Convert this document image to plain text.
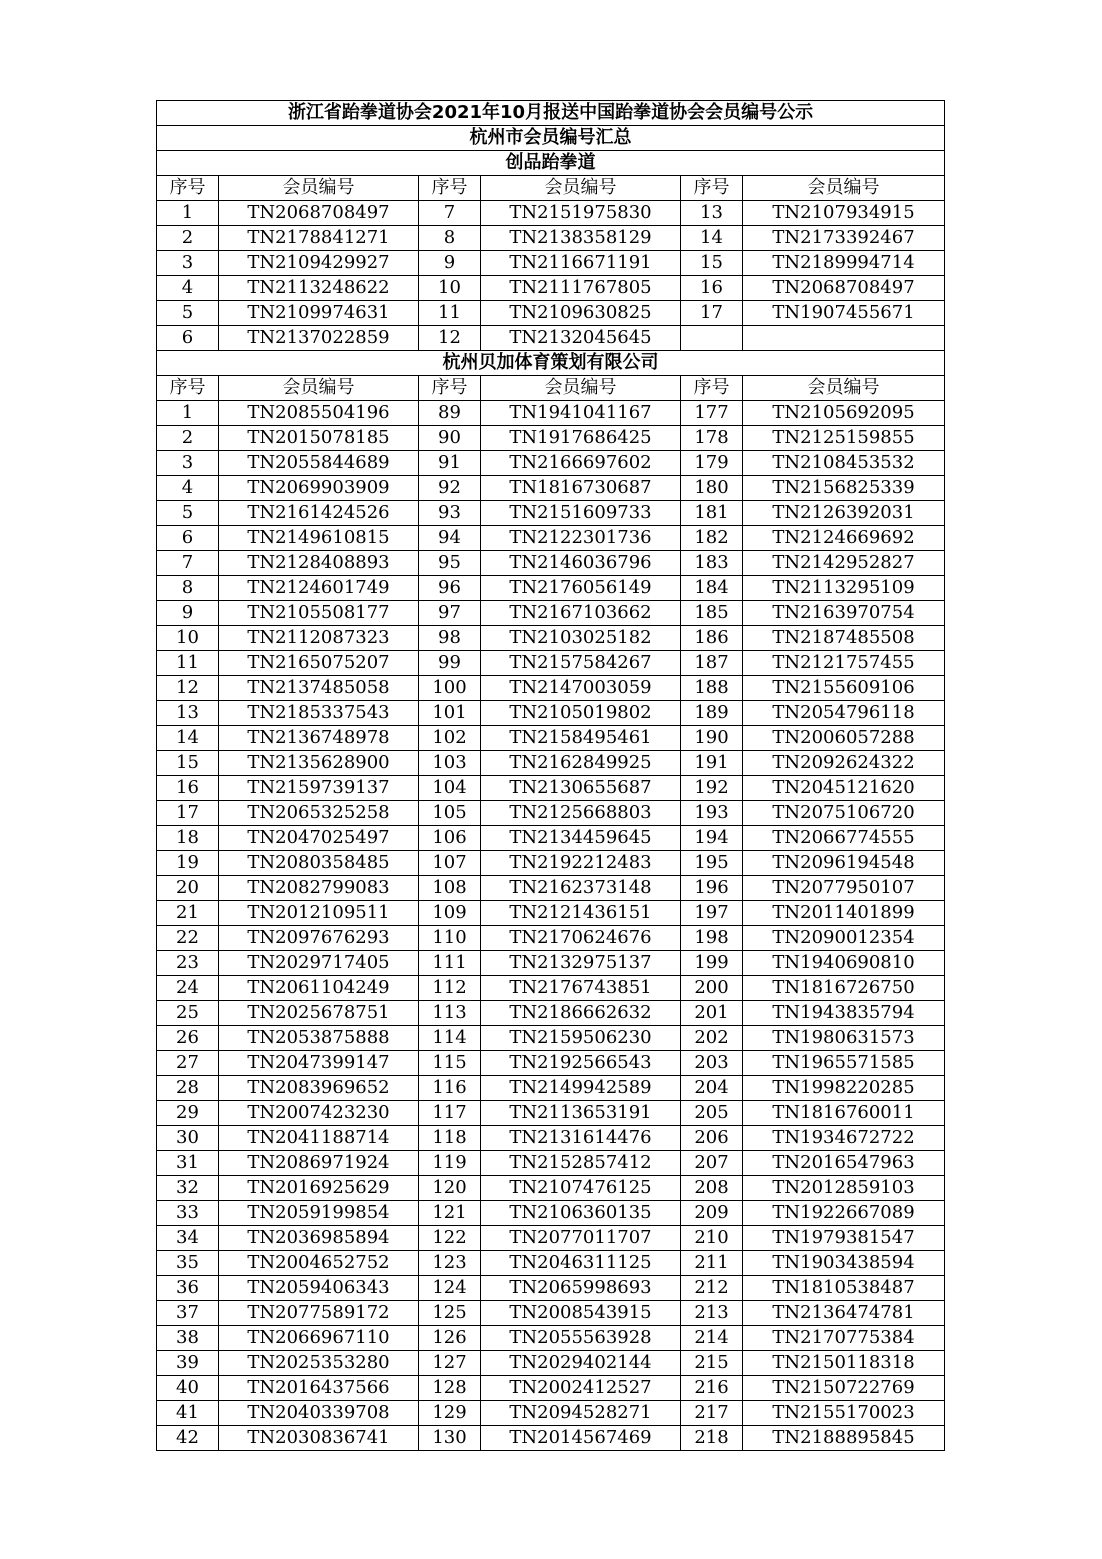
浙江省跆拳道协会2021年10月报送中国跆拳道协会会员编号公示					
杭州市会员编号汇总					
创品跆拳道					
序号	会员编号	序号	会员编号	序号	会员编号
1	TN2068708497	7	TN2151975830	13	TN2107934915
2	TN2178841271	8	TN2138358129	14	TN2173392467
3	TN2109429927	9	TN2116671191	15	TN2189994714
4	TN2113248622	10	TN2111767805	16	TN2068708497
5	TN2109974631	11	TN2109630825	17	TN1907455671
6	TN2137022859	12	TN2132045645		
杭州贝加体育策划有限公司					
序号	会员编号	序号	会员编号	序号	会员编号
1	TN2085504196	89	TN1941041167	177	TN2105692095
2	TN2015078185	90	TN1917686425	178	TN2125159855
3	TN2055844689	91	TN2166697602	179	TN2108453532
4	TN2069903909	92	TN1816730687	180	TN2156825339
5	TN2161424526	93	TN2151609733	181	TN2126392031
6	TN2149610815	94	TN2122301736	182	TN2124669692
7	TN2128408893	95	TN2146036796	183	TN2142952827
8	TN2124601749	96	TN2176056149	184	TN2113295109
9	TN2105508177	97	TN2167103662	185	TN2163970754
10	TN2112087323	98	TN2103025182	186	TN2187485508
11	TN2165075207	99	TN2157584267	187	TN2121757455
12	TN2137485058	100	TN2147003059	188	TN2155609106
13	TN2185337543	101	TN2105019802	189	TN2054796118
14	TN2136748978	102	TN2158495461	190	TN2006057288
15	TN2135628900	103	TN2162849925	191	TN2092624322
16	TN2159739137	104	TN2130655687	192	TN2045121620
17	TN2065325258	105	TN2125668803	193	TN2075106720
18	TN2047025497	106	TN2134459645	194	TN2066774555
19	TN2080358485	107	TN2192212483	195	TN2096194548
20	TN2082799083	108	TN2162373148	196	TN2077950107
21	TN2012109511	109	TN2121436151	197	TN2011401899
22	TN2097676293	110	TN2170624676	198	TN2090012354
23	TN2029717405	111	TN2132975137	199	TN1940690810
24	TN2061104249	112	TN2176743851	200	TN1816726750
25	TN2025678751	113	TN2186662632	201	TN1943835794
26	TN2053875888	114	TN2159506230	202	TN1980631573
27	TN2047399147	115	TN2192566543	203	TN1965571585
28	TN2083969652	116	TN2149942589	204	TN1998220285
29	TN2007423230	117	TN2113653191	205	TN1816760011
30	TN2041188714	118	TN2131614476	206	TN1934672722
31	TN2086971924	119	TN2152857412	207	TN2016547963
32	TN2016925629	120	TN2107476125	208	TN2012859103
33	TN2059199854	121	TN2106360135	209	TN1922667089
34	TN2036985894	122	TN2077011707	210	TN1979381547
35	TN2004652752	123	TN2046311125	211	TN1903438594
36	TN2059406343	124	TN2065998693	212	TN1810538487
37	TN2077589172	125	TN2008543915	213	TN2136474781
38	TN2066967110	126	TN2055563928	214	TN2170775384
39	TN2025353280	127	TN2029402144	215	TN2150118318
40	TN2016437566	128	TN2002412527	216	TN2150722769
41	TN2040339708	129	TN2094528271	217	TN2155170023
42	TN2030836741	130	TN2014567469	218	TN2188895845
